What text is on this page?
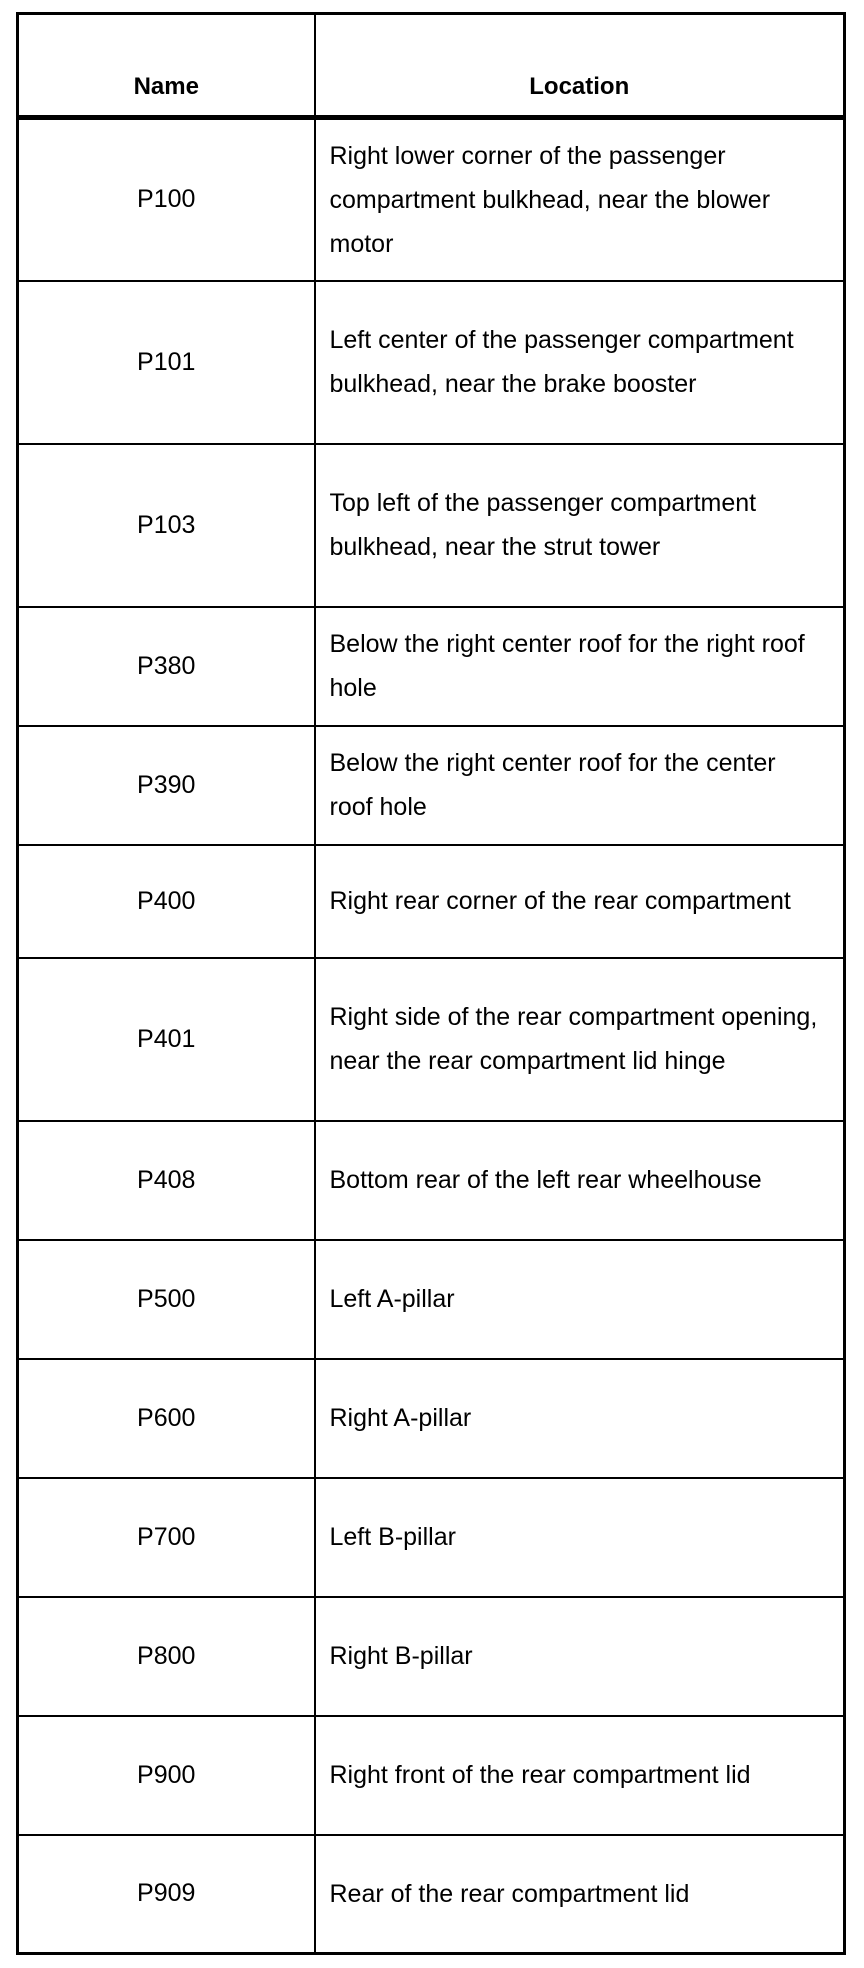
Name	Location
P100	Right lower corner of the passenger compartment bulkhead, near the blower motor
P101	Left center of the passenger compartment bulkhead, near the brake booster
P103	Top left of the passenger compartment bulkhead, near the strut tower
P380	Below the right center roof for the right roof hole
P390	Below the right center roof for the center roof hole
P400	Right rear corner of the rear compartment
P401	Right side of the rear compartment opening, near the rear compartment lid hinge
P408	Bottom rear of the left rear wheelhouse
P500	Left A-pillar
P600	Right A-pillar
P700	Left B-pillar
P800	Right B-pillar
P900	Right front of the rear compartment lid
P909	Rear of the rear compartment lid
